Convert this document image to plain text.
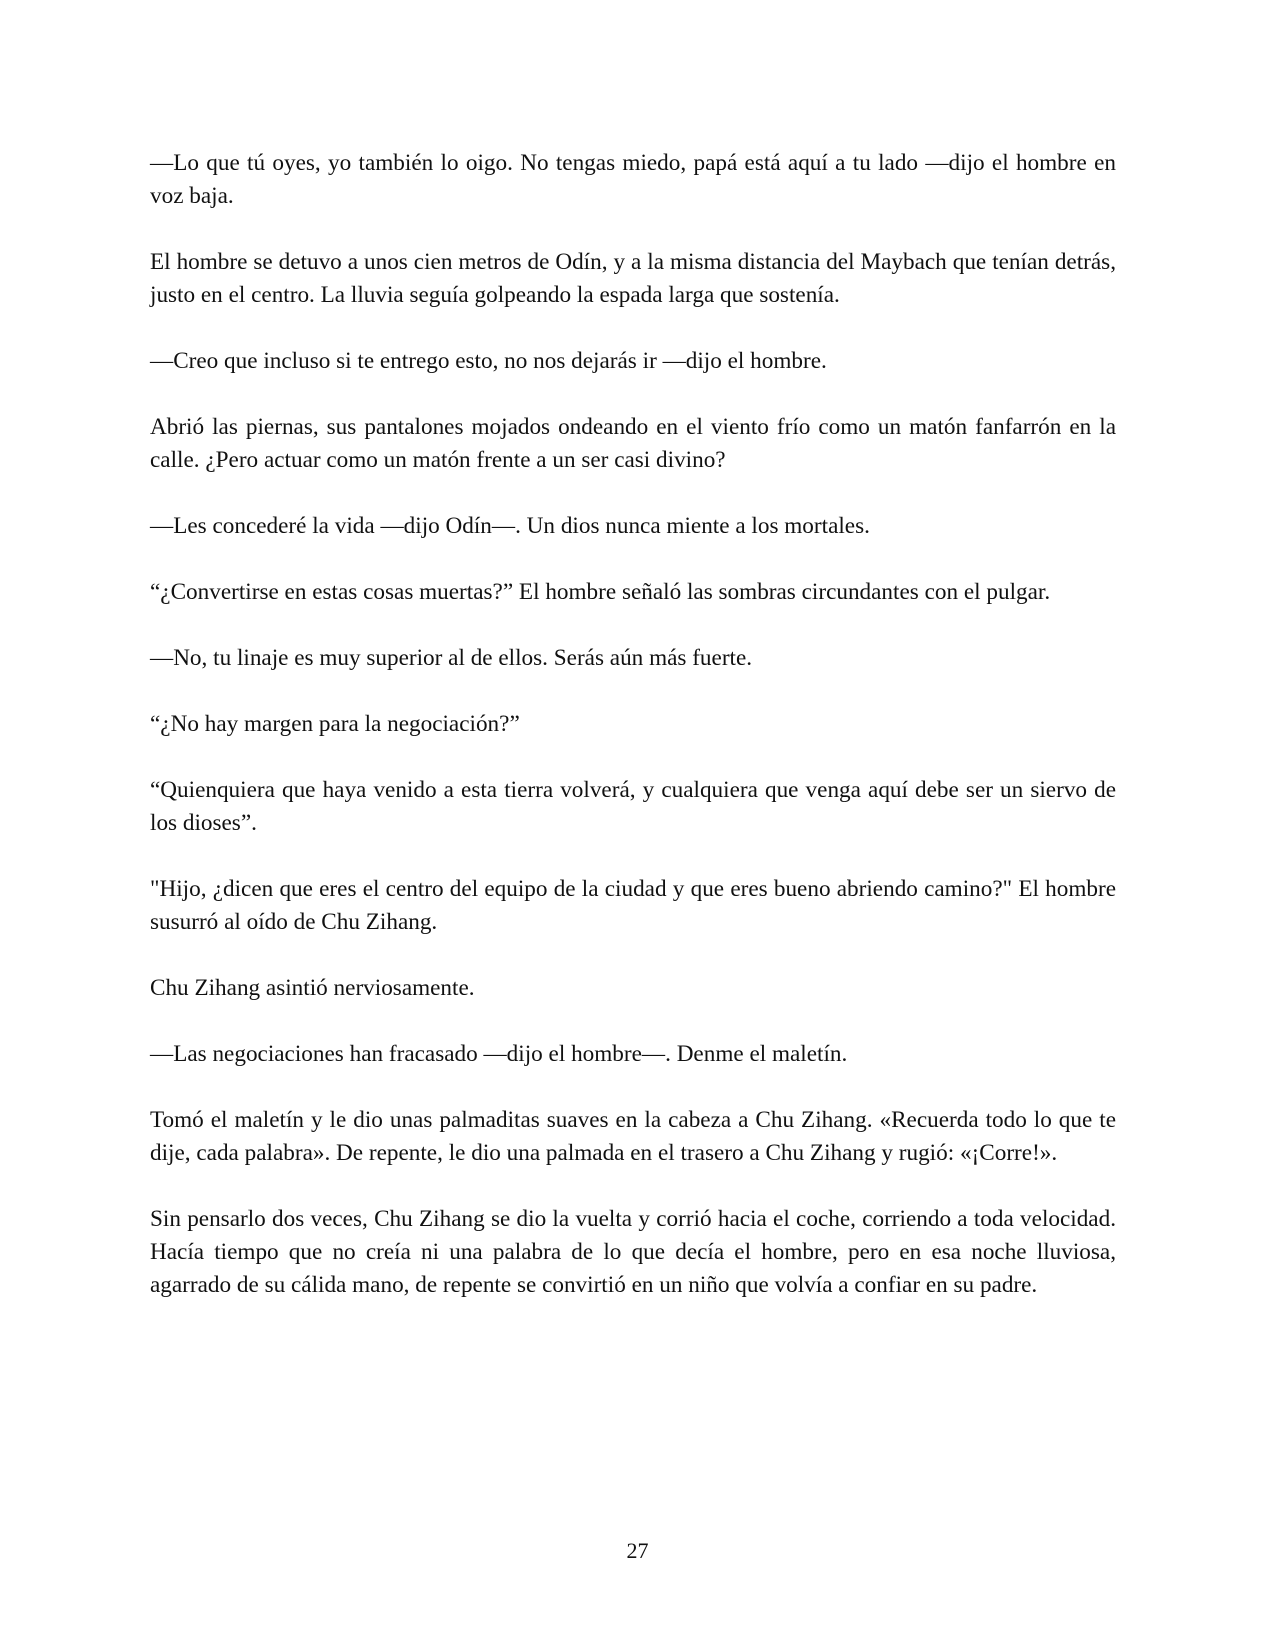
—Lo que tú oyes, yo también lo oigo. No tengas miedo, papá está aquí a tu lado —dijo el hombre en voz baja.

El hombre se detuvo a unos cien metros de Odín, y a la misma distancia del Maybach que tenían detrás, justo en el centro. La lluvia seguía golpeando la espada larga que sostenía.

—Creo que incluso si te entrego esto, no nos dejarás ir —dijo el hombre.

Abrió las piernas, sus pantalones mojados ondeando en el viento frío como un matón fanfarrón en la calle. ¿Pero actuar como un matón frente a un ser casi divino?

—Les concederé la vida —dijo Odín—. Un dios nunca miente a los mortales.

“¿Convertirse en estas cosas muertas?” El hombre señaló las sombras circundantes con el pulgar.

—No, tu linaje es muy superior al de ellos. Serás aún más fuerte.

“¿No hay margen para la negociación?”

“Quienquiera que haya venido a esta tierra volverá, y cualquiera que venga aquí debe ser un siervo de los dioses”.

"Hijo, ¿dicen que eres el centro del equipo de la ciudad y que eres bueno abriendo camino?" El hombre susurró al oído de Chu Zihang.

Chu Zihang asintió nerviosamente.

—Las negociaciones han fracasado —dijo el hombre—. Denme el maletín.

Tomó el maletín y le dio unas palmaditas suaves en la cabeza a Chu Zihang. «Recuerda todo lo que te dije, cada palabra». De repente, le dio una palmada en el trasero a Chu Zihang y rugió: «¡Corre!».

Sin pensarlo dos veces, Chu Zihang se dio la vuelta y corrió hacia el coche, corriendo a toda velocidad. Hacía tiempo que no creía ni una palabra de lo que decía el hombre, pero en esa noche lluviosa, agarrado de su cálida mano, de repente se convirtió en un niño que volvía a confiar en su padre.

27
